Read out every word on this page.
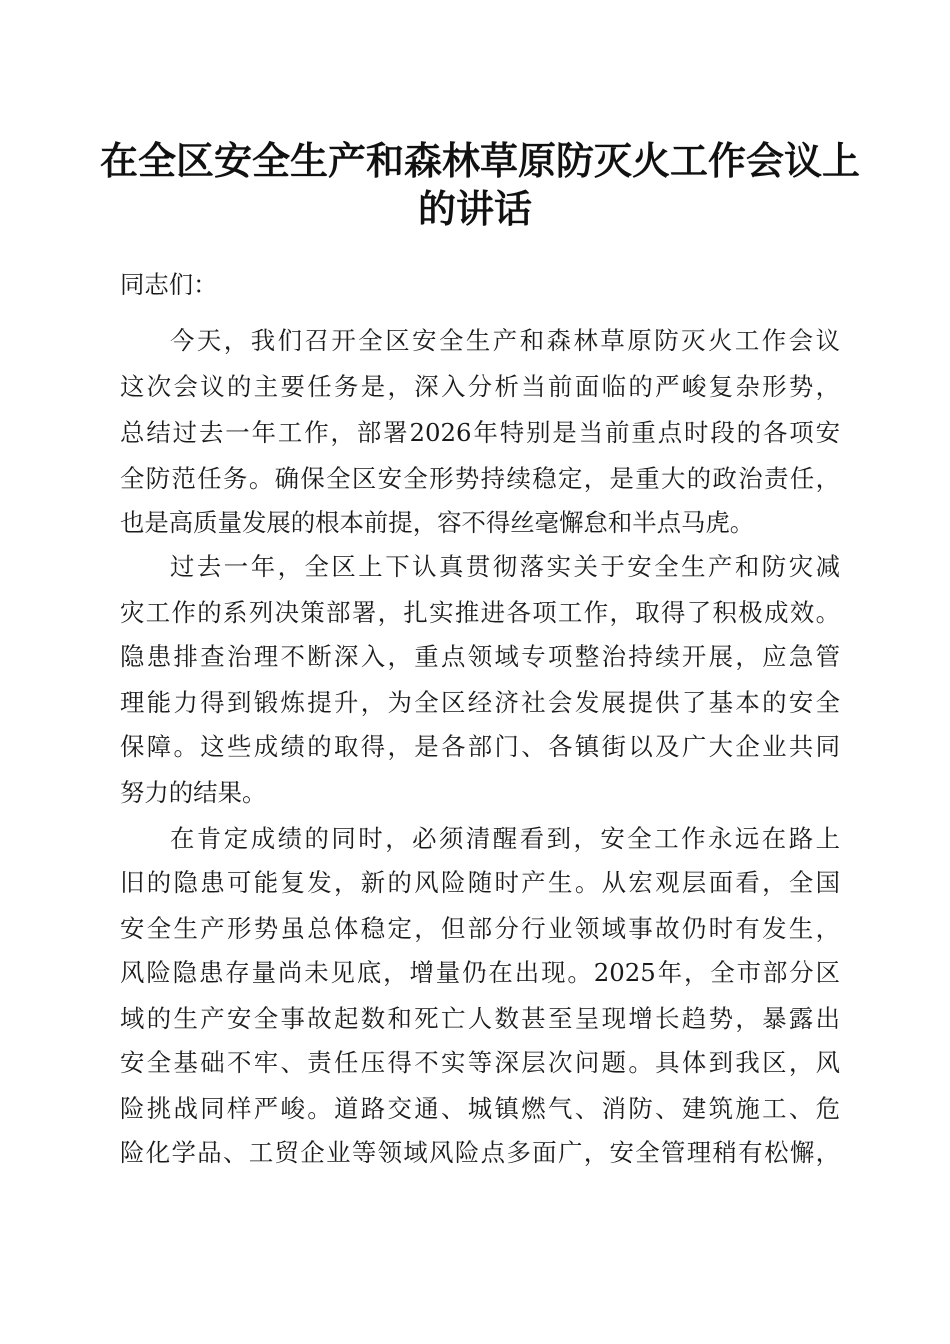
在全区安全生产和森林草原防灭火工作会议上
的讲话

同志们：

今天，我们召开全区安全生产和森林草原防灭火工作会议

这次会议的主要任务是，深入分析当前面临的严峻复杂形势，

总结过去一年工作，部署2026年特别是当前重点时段的各项安

全防范任务。确保全区安全形势持续稳定，是重大的政治责任，

也是高质量发展的根本前提，容不得丝毫懈怠和半点马虎。

过去一年，全区上下认真贯彻落实关于安全生产和防灾减

灾工作的系列决策部署，扎实推进各项工作，取得了积极成效。

隐患排查治理不断深入，重点领域专项整治持续开展，应急管

理能力得到锻炼提升，为全区经济社会发展提供了基本的安全

保障。这些成绩的取得，是各部门、各镇街以及广大企业共同

努力的结果。

在肯定成绩的同时，必须清醒看到，安全工作永远在路上

旧的隐患可能复发，新的风险随时产生。从宏观层面看，全国

安全生产形势虽总体稳定，但部分行业领域事故仍时有发生，

风险隐患存量尚未见底，增量仍在出现。2025年，全市部分区

域的生产安全事故起数和死亡人数甚至呈现增长趋势，暴露出

安全基础不牢、责任压得不实等深层次问题。具体到我区，风

险挑战同样严峻。道路交通、城镇燃气、消防、建筑施工、危

险化学品、工贸企业等领域风险点多面广，安全管理稍有松懈，
